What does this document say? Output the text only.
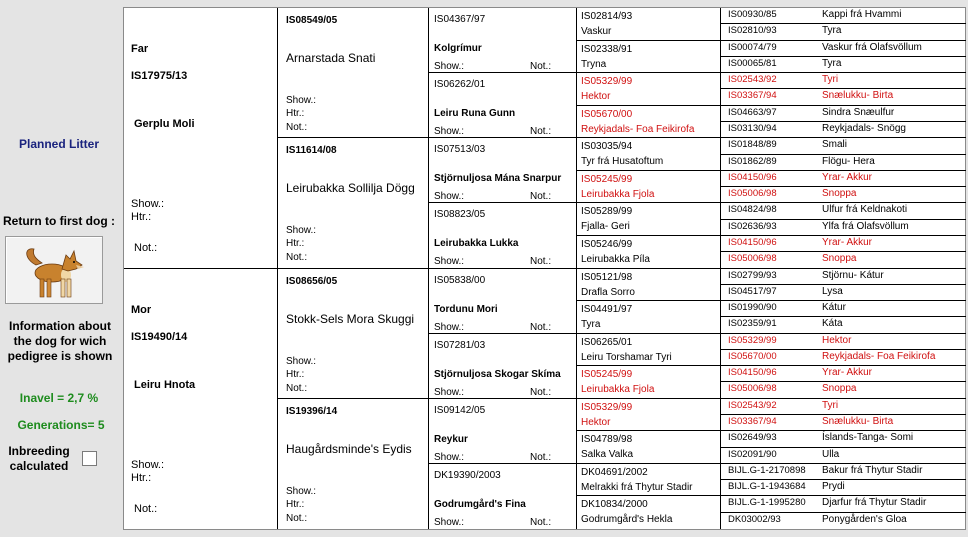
Planned Litter
Return to first dog :
Information about the dog for wich pedigree is shown
Inavel = 2,7 %
Generations= 5
Inbreeding calculated
Far
IS17975/13
Gerplu Moli
Show.:
Htr.:
Not.:
Mor
IS19490/14
Leiru Hnota
Show.:
Htr.:
Not.:
IS08549/05
Arnarstada Snati
Show.:
Htr.:
Not.:
IS11614/08
Leirubakka Sollilja Dögg
Show.:
Htr.:
Not.:
IS08656/05
Stokk-Sels Mora Skuggi
Show.:
Htr.:
Not.:
IS19396/14
Haugårdsminde's Eydis
Show.:
Htr.:
Not.:
IS04367/97
Kolgrímur
Show.:	Not.:
IS06262/01
Leiru Runa Gunn
Show.:	Not.:
IS07513/03
Stjörnuljosa Mána Snarpur
Show.:	Not.:
IS08823/05
Leirubakka Lukka
Show.:	Not.:
IS05838/00
Tordunu Mori
Show.:	Not.:
IS07281/03
Stjörnuljosa Skogar Skíma
Show.:	Not.:
IS09142/05
Reykur
Show.:	Not.:
DK19390/2003
Godrumgård's Fina
Show.:	Not.:
IS02814/93
Vaskur
IS02338/91
Tryna
IS05329/99
Hektor
IS05670/00
Reykjadals- Foa Feikirofa
IS03035/94
Tyr frá Husatoftum
IS05245/99
Leirubakka Fjola
IS05289/99
Fjalla- Geri
IS05246/99
Leirubakka Píla
IS05121/98
Drafla Sorro
IS04491/97
Tyra
IS06265/01
Leiru Torshamar Tyri
IS05245/99
Leirubakka Fjola
IS05329/99
Hektor
IS04789/98
Salka Valka
DK04691/2002
Melrakki frá Thytur Stadir
DK10834/2000
Godrumgård's Hekla
IS00930/85	Kappi frá Hvammi
IS02810/93	Tyra
IS00074/79	Vaskur frá Olafsvöllum
IS00065/81	Tyra
IS02543/92	Tyri
IS03367/94	Snælukku- Birta
IS04663/97	Sindra Snæulfur
IS03130/94	Reykjadals- Snögg
IS01848/89	Smali
IS01862/89	Flögu- Hera
IS04150/96	Yrar- Akkur
IS05006/98	Snoppa
IS04824/98	Ulfur frá Keldnakoti
IS02636/93	Ylfa frá Olafsvöllum
IS04150/96	Yrar- Akkur
IS05006/98	Snoppa
IS02799/93	Stjörnu- Kátur
IS04517/97	Lysa
IS01990/90	Kátur
IS02359/91	Káta
IS05329/99	Hektor
IS05670/00	Reykjadals- Foa Feikirofa
IS04150/96	Yrar- Akkur
IS05006/98	Snoppa
IS02543/92	Tyri
IS03367/94	Snælukku- Birta
IS02649/93	Íslands-Tanga- Somi
IS02091/90	Ulla
BIJL.G-1-2170898 Bakur frá Thytur Stadir
BIJL.G-1-1943684 Prydi
BIJL.G-1-1995280 Djarfur frá Thytur Stadir
DK03002/93	Ponygården's Gloa
